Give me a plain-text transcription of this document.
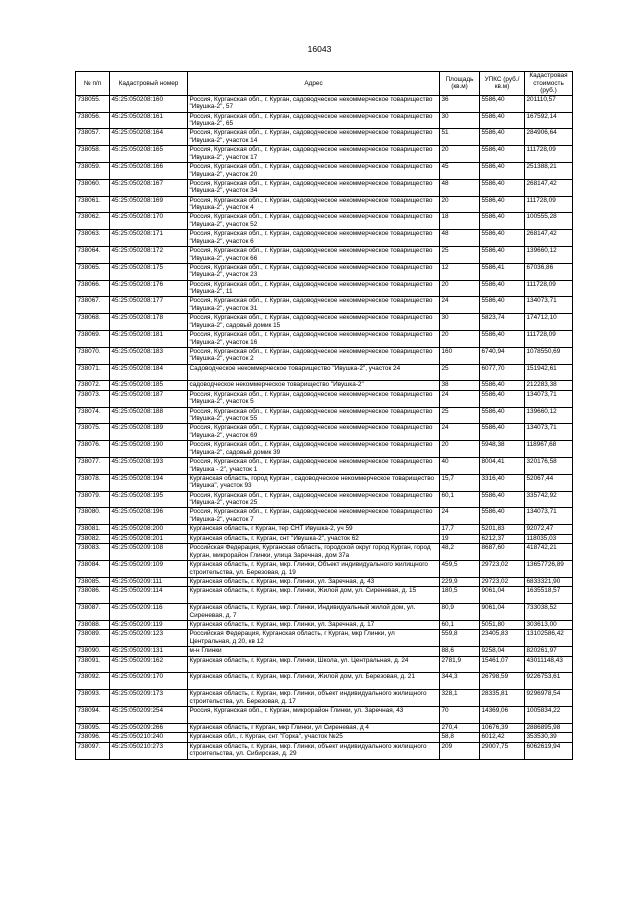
16043
№ п/п	Кадастровый номер	Адрес	Площадь (кв.м)	УПКС (руб./кв.м)	Кадастровая стоимость (руб.)
738055.	45:25:050208:160	Россия, Курганская обл., г. Курган, садоводческое некоммерческое товарищество "Ивушка-2", 57	36	5586,40	201110,57
738056.	45:25:050208:161	Россия, Курганская обл., г. Курган, садоводческое некоммерческое товарищество "Ивушка-2", 65	30	5586,40	167592,14
738057.	45:25:050208:164	Россия, Курганская обл., г. Курган, садоводческое некоммерческое товарищество "Ивушка-2", участок 14	51	5586,40	284906,64
738058.	45:25:050208:165	Россия, Курганская обл., г. Курган, садоводческое некоммерческое товарищество "Ивушка-2", участок 17	20	5586,40	111728,09
738059.	45:25:050208:166	Россия, Курганская обл., г. Курган, садоводческое некоммерческое товарищество "Ивушка-2", участок 20	45	5586,40	251388,21
738060.	45:25:050208:167	Россия, Курганская обл., г. Курган, садоводческое некоммерческое товарищество "Ивушка-2", участок 34	48	5586,40	268147,42
738061.	45:25:050208:169	Россия, Курганская обл., г. Курган, садоводческое некоммерческое товарищество "Ивушка-2", участок 4	20	5586,40	111728,09
738062.	45:25:050208:170	Россия, Курганская обл., г. Курган, садоводческое некоммерческое товарищество "Ивушка-2", участок 52	18	5586,40	100555,28
738063.	45:25:050208:171	Россия, Курганская обл., г. Курган, садоводческое некоммерческое товарищество "Ивушка-2", участок 6	48	5586,40	268147,42
738064.	45:25:050208:172	Россия, Курганская обл., г. Курган, садоводческое некоммерческое товарищество "Ивушка-2", участок 66	25	5586,40	139660,12
738065.	45:25:050208:175	Россия, Курганская обл., г. Курган, садоводческое некоммерческое товарищество "Ивушка-2", участок 23	12	5586,41	67036,86
738066.	45:25:050208:176	Россия, Курганская обл., г. Курган, садоводческое некоммерческое товарищество "Ивушка-2", 11	20	5586,40	111728,09
738067.	45:25:050208:177	Россия, Курганская обл., г. Курган, садоводческое некоммерческое товарищество "Ивушка-2", участок 31	24	5586,40	134073,71
738068.	45:25:050208:178	Россия, Курганская обл., г. Курган, садоводческое некоммерческое товарищество "Ивушка-2", садовый домик 15	30	5823,74	174712,10
738069.	45:25:050208:181	Россия, Курганская обл., г. Курган, садоводческое некоммерческое товарищество "Ивушка-2", участок 16	20	5586,40	111728,09
738070.	45:25:050208:183	Россия, Курганская обл., г. Курган, садоводческое некоммерческое товарищество "Ивушка-2", участок 2	160	6740,94	1078550,69
738071.	45:25:050208:184	Садоводческое некоммерческое товарищество "Ивушка-2", участок 24	25	6077,70	151942,61
738072.	45:25:050208:185	садоводческое некоммерческое товарищество "Ивушка-2"	38	5586,40	212283,38
738073.	45:25:050208:187	Россия, Курганская обл., г. Курган, садоводческое некоммерческое товарищество "Ивушка-2", участок 5	24	5586,40	134073,71
738074.	45:25:050208:188	Россия, Курганская обл., г. Курган, садоводческое некоммерческое товарищество "Ивушка-2", участок 55	25	5586,40	139660,12
738075.	45:25:050208:189	Россия, Курганская обл., г. Курган, садоводческое некоммерческое товарищество "Ивушка-2", участок 69	24	5586,40	134073,71
738076.	45:25:050208:190	Россия, Курганская обл., г. Курган, садоводческое некоммерческое товарищество "Ивушка-2", садовый домик 39	20	5948,38	118967,68
738077.	45:25:050208:193	Россия, Курганская обл., г. Курган, садоводческое некоммерческое товарищество "Ивушка - 2", участок 1	40	8004,41	320176,58
738078.	45:25:050208:194	Курганская область, город Курган , садоводческое некоммерческое товарищество "Ивушка", участок 93	15,7	3316,40	52067,44
738079.	45:25:050208:195	Россия, Курганская обл., г. Курган, садоводческое некоммерческое товарищество "Ивушка-2", участок 25	60,1	5586,40	335742,92
738080.	45:25:050208:196	Россия, Курганская обл., г. Курган, садоводческое некоммерческое товарищество "Ивушка-2", участок 7	24	5586,40	134073,71
738081.	45:25:050208:200	Курганская область, г Курган, тер СНТ Ивушка-2, уч 59	17,7	5201,83	92072,47
738082.	45:25:050208:201	Курганская область, г. Курган, снт "Ивушка-2", участок 62	19	6212,37	118035,03
738083.	45:25:050209:108	Российская Федерация, Курганская область, городской округ город Курган, город Курган, микрорайон Глинки, улица Заречная, дом 37а	48,2	8687,60	418742,21
738084.	45:25:050209:109	Курганская область, г. Курган, мкр. Глинки, Объект индивидуального жилищного строительства, ул. Березовая, д. 19	459,5	29723,02	13657726,89
738085.	45:25:050209:111	Курганская область, г. Курган, мкр. Глинки, ул. Заречная, д. 43	229,9	29723,02	6833321,90
738086.	45:25:050209:114	Курганская область, г. Курган, мкр. Глинки, Жилой дом, ул. Сиреневая, д. 15	180,5	9061,04	1635518,57
738087.	45:25:050209:116	Курганская область, г. Курган, мкр. Глинки, Индивидуальный жилой дом, ул. Сиреневая, д. 7	80,9	9061,04	733038,52
738088.	45:25:050209:119	Курганская область, г. Курган, мкр. Глинки, ул. Заречная, д. 17	60,1	5051,80	303613,00
738089.	45:25:050209:123	Российская Федерация, Курганская область, г Курган, мкр Глинки, ул Центральная, д 20, кв 12	559,8	23405,83	13102586,42
738090.	45:25:050209:131	м-н Глинки	88,6	9258,04	820261,97
738091.	45:25:050209:162	Курганская область, г. Курган, мкр. Глинки, Школа, ул. Центральная, д. 24	2781,9	15461,07	43011148,43
738092.	45:25:050209:170	Курганская область, г. Курган, мкр. Глинки, Жилой дом, ул. Березовая, д. 21	344,3	26798,59	9226753,61
738093.	45:25:050209:173	Курганская область, г. Курган, мкр. Глинки, объект индивидуального жилищного строительства, ул. Березовая, д. 17	328,1	28335,81	9296978,54
738094.	45:25:050209:254	Россия, Курганская обл., г. Курган, микрорайон Глинки, ул. Заречная, 43	70	14369,06	1005834,22
738095.	45:25:050209:266	Курганская область, г Курган, мкр Глинки, ул Сиреневая, д 4	270,4	10676,39	2886895,98
738096.	45:25:050210:240	Курганская обл., г. Курган, снт "Горка", участок №25	58,8	6012,42	353530,39
738097.	45:25:050210:273	Курганская область, г. Курган, мкр. Глинки, объект индивидуального жилищного строительства, ул. Сибирская, д. 29	209	29007,75	6062619,94
